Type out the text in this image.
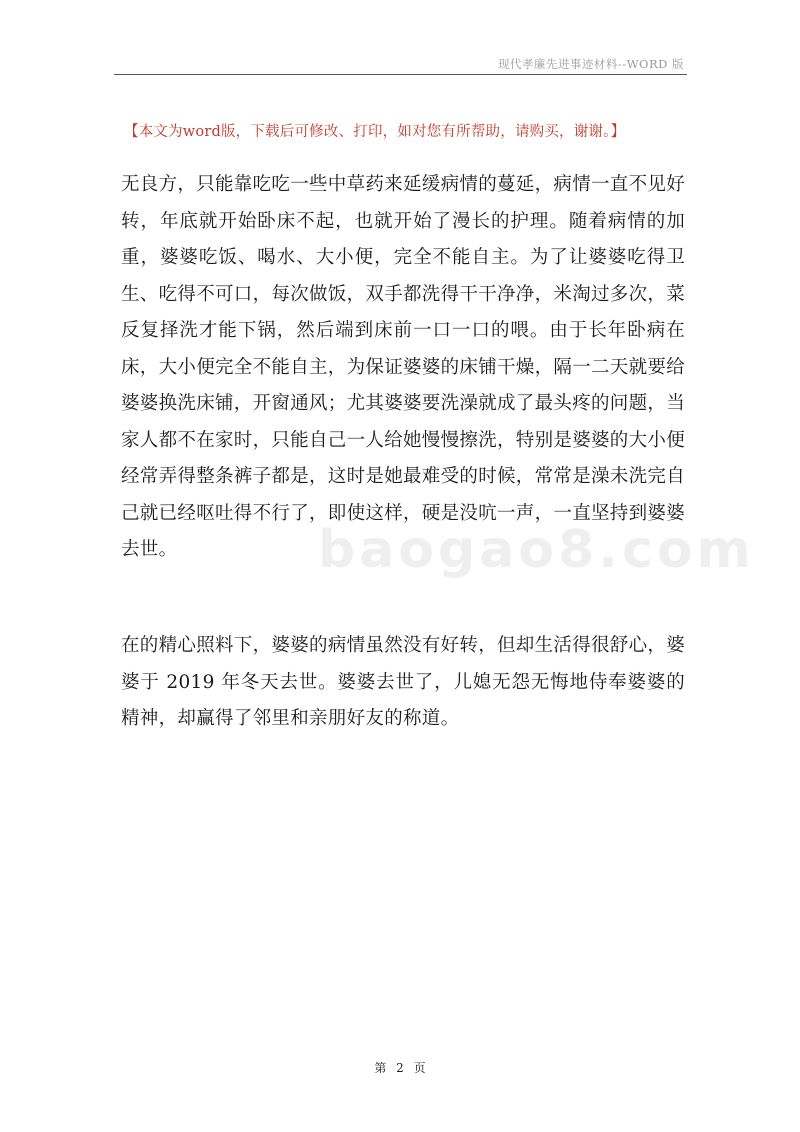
现代孝廉先进事迹材料--WORD 版
【本文为word版，下载后可修改、打印，如对您有所帮助，请购买，谢谢。】
无良方，只能靠吃吃一些中草药来延缓病情的蔓延，病情一直不见好转，年底就开始卧床不起，也就开始了漫长的护理。随着病情的加重，婆婆吃饭、喝水、大小便，完全不能自主。为了让婆婆吃得卫生、吃得不可口，每次做饭，双手都洗得干干净净，米淘过多次，菜反复择洗才能下锅，然后端到床前一口一口的喂。由于长年卧病在床，大小便完全不能自主，为保证婆婆的床铺干燥，隔一二天就要给婆婆换洗床铺，开窗通风；尤其婆婆要洗澡就成了最头疼的问题，当家人都不在家时，只能自己一人给她慢慢擦洗，特别是婆婆的大小便经常弄得整条裤子都是，这时是她最难受的时候，常常是澡未洗完自己就已经呕吐得不行了，即使这样，硬是没吭一声，一直坚持到婆婆去世。
在的精心照料下，婆婆的病情虽然没有好转，但却生活得很舒心，婆婆于 2019 年冬天去世。婆婆去世了，儿媳无怨无悔地侍奉婆婆的精神，却赢得了邻里和亲朋好友的称道。
baogao8.com
第 2 页
